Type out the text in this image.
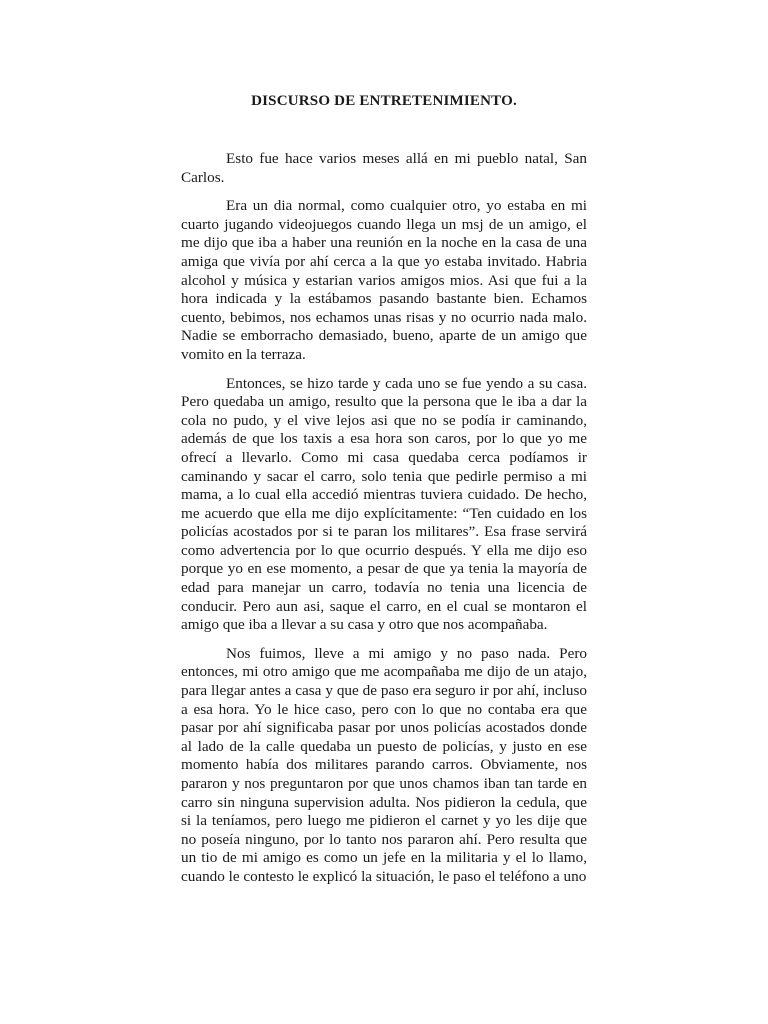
DISCURSO DE ENTRETENIMIENTO.

Esto fue hace varios meses allá en mi pueblo natal, San Carlos.

Era un dia normal, como cualquier otro, yo estaba en mi cuarto jugando videojuegos cuando llega un msj de un amigo, el me dijo que iba a haber una reunión en la noche en la casa de una amiga que vivía por ahí cerca a la que yo estaba invitado. Habria alcohol y música y estarian varios amigos mios. Asi que fui a la hora indicada y la estábamos pasando bastante bien. Echamos cuento, bebimos, nos echamos unas risas y no ocurrio nada malo. Nadie se emborracho demasiado, bueno, aparte de un amigo que vomito en la terraza.

Entonces, se hizo tarde y cada uno se fue yendo a su casa. Pero quedaba un amigo, resulto que la persona que le iba a dar la cola no pudo, y el vive lejos asi que no se podía ir caminando, además de que los taxis a esa hora son caros, por lo que yo me ofrecí a llevarlo. Como mi casa quedaba cerca podíamos ir caminando y sacar el carro, solo tenia que pedirle permiso a mi mama, a lo cual ella accedió mientras tuviera cuidado. De hecho, me acuerdo que ella me dijo explícitamente: “Ten cuidado en los policías acostados por si te paran los militares”. Esa frase servirá como advertencia por lo que ocurrio después. Y ella me dijo eso porque yo en ese momento, a pesar de que ya tenia la mayoría de edad para manejar un carro, todavía no tenia una licencia de conducir. Pero aun asi, saque el carro, en el cual se montaron el amigo que iba a llevar a su casa y otro que nos acompañaba.

Nos fuimos, lleve a mi amigo y no paso nada. Pero entonces, mi otro amigo que me acompañaba me dijo de un atajo, para llegar antes a casa y que de paso era seguro ir por ahí, incluso a esa hora. Yo le hice caso, pero con lo que no contaba era que pasar por ahí significaba pasar por unos policías acostados donde al lado de la calle quedaba un puesto de policías, y justo en ese momento había dos militares parando carros. Obviamente, nos pararon y nos preguntaron por que unos chamos iban tan tarde en carro sin ninguna supervision adulta. Nos pidieron la cedula, que si la teníamos, pero luego me pidieron el carnet y yo les dije que no poseía ninguno, por lo tanto nos pararon ahí. Pero resulta que un tio de mi amigo es como un jefe en la militaria y el lo llamo, cuando le contesto le explicó la situación, le paso el teléfono a uno
